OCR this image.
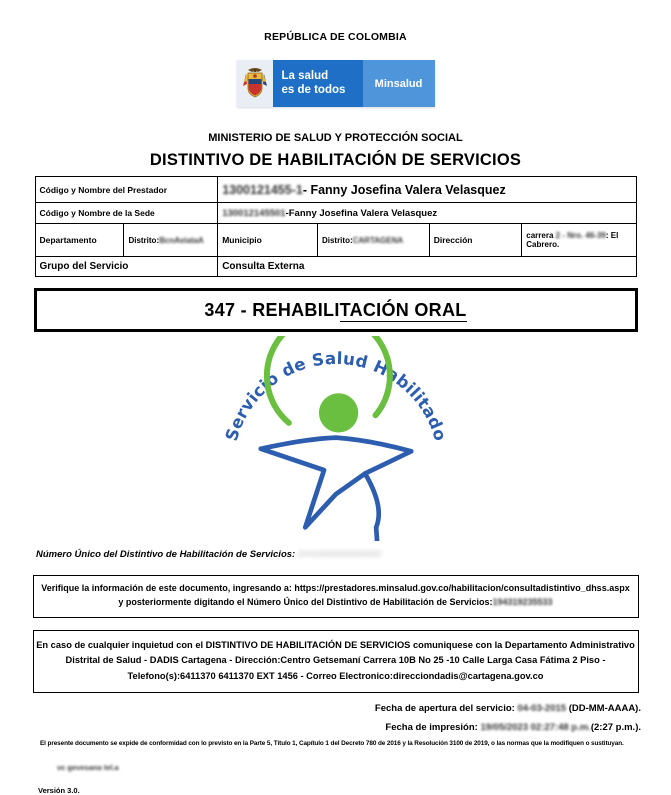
REPÚBLICA DE COLOMBIA
La salud
es de todos	Minsalud
MINISTERIO DE SALUD Y PROTECCIÓN SOCIAL
DISTINTIVO DE HABILITACIÓN DE SERVICIOS
Código y Nombre del Prestador		1300121455-1- Fanny Josefina Valera Velasquez			
Código y Nombre de la Sede		130012145501-Fanny Josefina Valera Velasquez			
Departamento	Distrito:BcnAviataA	Municipio	Distrito:CARTAGENA	Dirección	carrera 2 - Nro. 46-39: El Cabrero.
Grupo del Servicio		Consulta Externa			
347 - REHABILITACIÓN ORAL
Servicio de Salud Habilitado
Número Único del Distintivo de Habilitación de Servicios: DHS000000000000
Verifique la información de este documento, ingresando a: https://prestadores.minsalud.gov.co/habilitacion/consultadistintivo_dhss.aspx
y posteriormente digitando el Número Único del Distintivo de Habilitación de Servicios:194319235533
En caso de cualquier inquietud con el DISTINTIVO DE HABILITACIÓN DE SERVICIOS comuniquese con la Departamento Administrativo
Distrital de Salud - DADIS Cartagena - Dirección:Centro Getsemaní Carrera 10B No 25 -10 Calle Larga Casa Fátima 2 Piso -
Telefono(s):6411370 6411370 EXT 1456 - Correo Electronico:direcciondadis@cartagena.gov.co
Fecha de apertura del servicio: 04-03-2015 (DD-MM-AAAA).
Fecha de impresión: 19/05/2023 02:27:48 p.m.(2:27 p.m.).
El presente documento se expide de conformidad con lo previsto en la Parte 5, Título 1, Capítulo 1 del Decreto 780 de 2016 y la Resolución 3100 de 2019, o las normas que la modifiquen o sustituyan.
vc gevesana tel.a
Versión 3.0.
